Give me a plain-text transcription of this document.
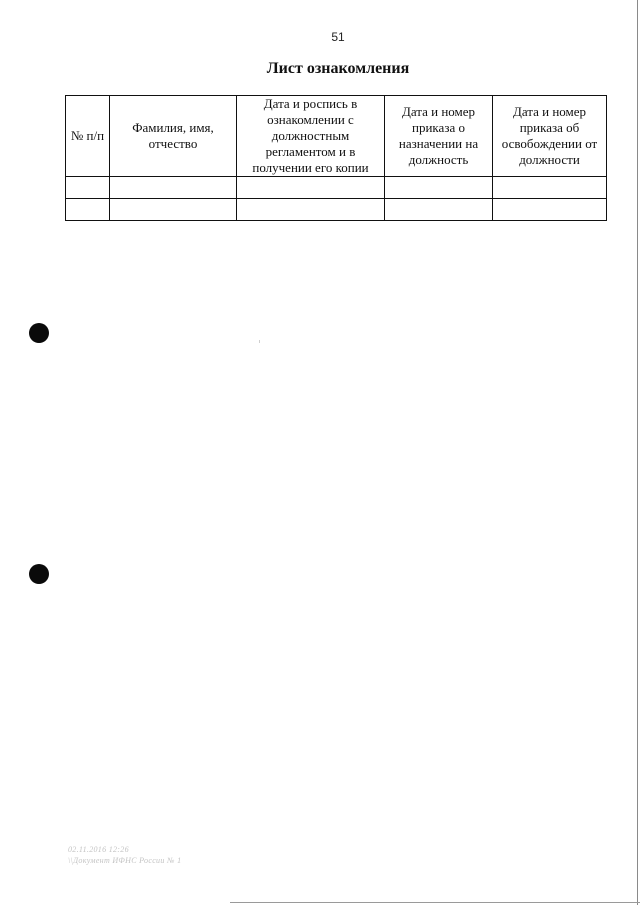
51
Лист ознакомления
№ п/п	Фамилия, имя, отчество	Дата и роспись в ознакомлении с должностным регламентом и в получении его копии	Дата и номер приказа о назначении на должность	Дата и номер приказа об освобождении от должности

02.11.2016 12:26
\\Документ ИФНС России № 1
